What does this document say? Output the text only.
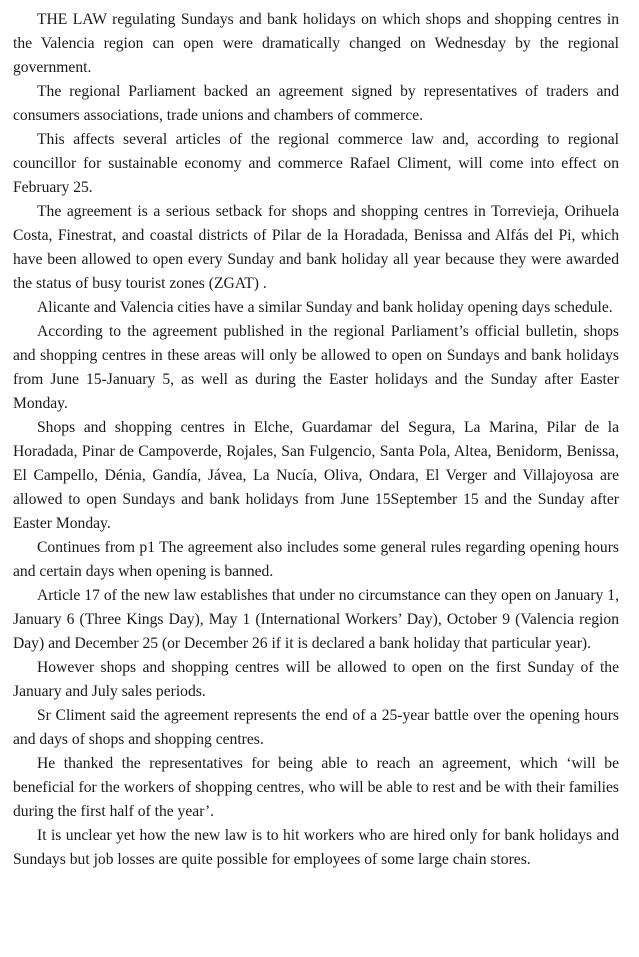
THE LAW regulating Sundays and bank holidays on which shops and shopping centres in the Valencia region can open were dramatically changed on Wednesday by the regional government.

The regional Parliament backed an agreement signed by representatives of traders and consumers associations, trade unions and chambers of commerce.

This affects several articles of the regional commerce law and, according to regional councillor for sustainable economy and commerce Rafael Climent, will come into effect on February 25.

The agreement is a serious setback for shops and shopping centres in Torrevieja, Orihuela Costa, Finestrat, and coastal districts of Pilar de la Horadada, Benissa and Alfás del Pi, which have been allowed to open every Sunday and bank holiday all year because they were awarded the status of busy tourist zones (ZGAT) .

Alicante and Valencia cities have a similar Sunday and bank holiday opening days schedule.

According to the agreement published in the regional Parliament’s official bulletin, shops and shopping centres in these areas will only be allowed to open on Sundays and bank holidays from June 15-January 5, as well as during the Easter holidays and the Sunday after Easter Monday.

Shops and shopping centres in Elche, Guardamar del Segura, La Marina, Pilar de la Horadada, Pinar de Campoverde, Rojales, San Fulgencio, Santa Pola, Altea, Benidorm, Benissa, El Campello, Dénia, Gandía, Jávea, La Nucía, Oliva, Ondara, El Verger and Villajoyosa are allowed to open Sundays and bank holidays from June 15September 15 and the Sunday after Easter Monday.

Continues from p1 The agreement also includes some general rules regarding opening hours and certain days when opening is banned.

Article 17 of the new law establishes that under no circumstance can they open on January 1, January 6 (Three Kings Day), May 1 (International Workers’ Day), October 9 (Valencia region Day) and December 25 (or December 26 if it is declared a bank holiday that particular year).

However shops and shopping centres will be allowed to open on the first Sunday of the January and July sales periods.

Sr Climent said the agreement represents the end of a 25-year battle over the opening hours and days of shops and shopping centres.

He thanked the representatives for being able to reach an agreement, which ‘will be beneficial for the workers of shopping centres, who will be able to rest and be with their families during the first half of the year’.

It is unclear yet how the new law is to hit workers who are hired only for bank holidays and Sundays but job losses are quite possible for employees of some large chain stores.
